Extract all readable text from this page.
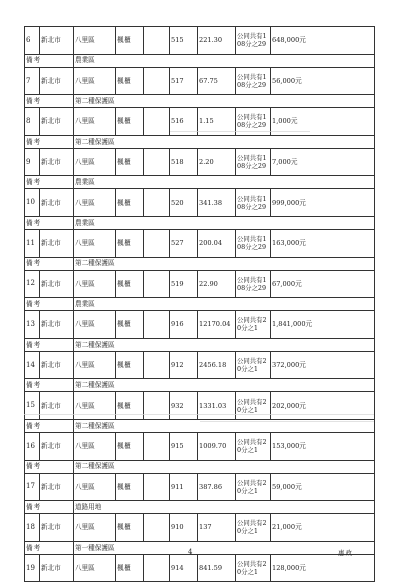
6	新北市	八里區	楓櫃		515	221.30	公同共有108分之29	648,000元
備考		農業區						
7	新北市	八里區	楓櫃		517	67.75	公同共有108分之29	56,000元
備考		第二種保護區						
8	新北市	八里區	楓櫃		516	1.15	公同共有108分之29	1,000元
備考		第二種保護區						
9	新北市	八里區	楓櫃		518	2.20	公同共有108分之29	7,000元
備考		農業區						
10	新北市	八里區	楓櫃		520	341.38	公同共有108分之29	999,000元
備考		農業區						
11	新北市	八里區	楓櫃		527	200.04	公同共有108分之29	163,000元
備考		第二種保護區						
12	新北市	八里區	楓櫃		519	22.90	公同共有108分之29	67,000元
備考		農業區						
13	新北市	八里區	楓櫃		916	12170.04	公同共有20分之1	1,841,000元
備考		第二種保護區						
14	新北市	八里區	楓櫃		912	2456.18	公同共有20分之1	372,000元
備考		第二種保護區						
15	新北市	八里區	楓櫃		932	1331.03	公同共有20分之1	202,000元
備考		第二種保護區						
16	新北市	八里區	楓櫃		915	1009.70	公同共有20分之1	153,000元
備考		第二種保護區						
17	新北市	八里區	楓櫃		911	387.86	公同共有20分之1	59,000元
備考		道路用地						
18	新北市	八里區	楓櫃		910	137	公同共有20分之1	21,000元
備考		第一種保護區						
19	新北市	八里區	楓櫃		914	841.59	公同共有20分之1	128,000元
4	惠政
